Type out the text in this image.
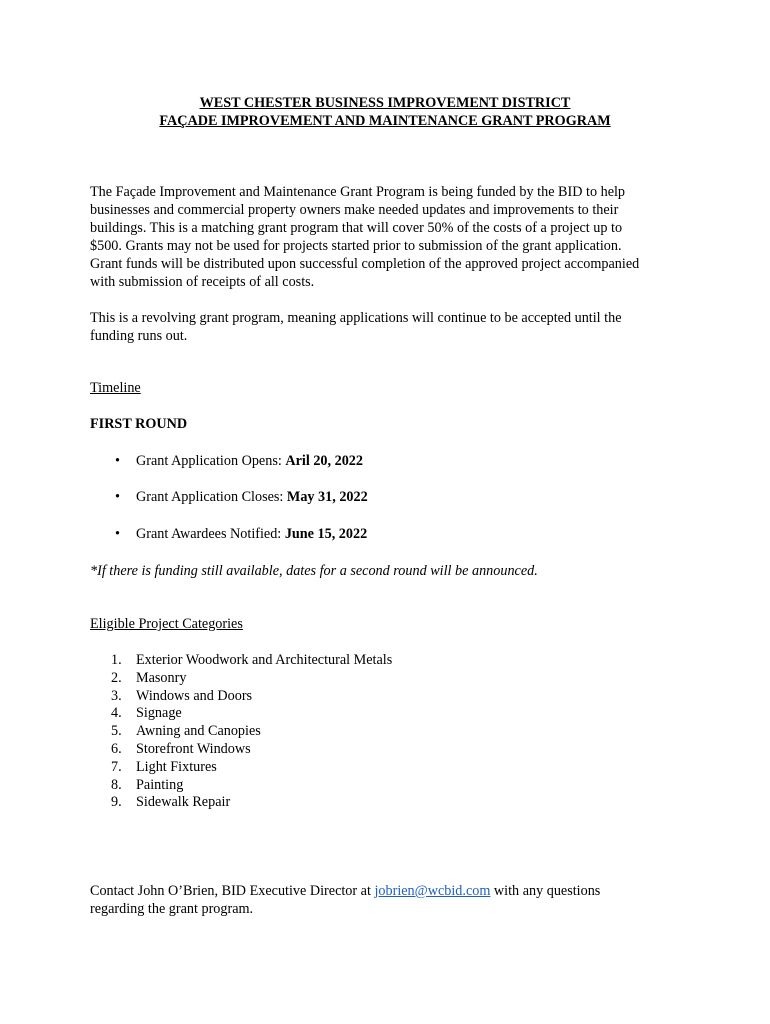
WEST CHESTER BUSINESS IMPROVEMENT DISTRICT
FAÇADE IMPROVEMENT AND MAINTENANCE GRANT PROGRAM

The Façade Improvement and Maintenance Grant Program is being funded by the BID to help

businesses and commercial property owners make needed updates and improvements to their

buildings. This is a matching grant program that will cover 50% of the costs of a project up to

$500. Grants may not be used for projects started prior to submission of the grant application.

Grant funds will be distributed upon successful completion of the approved project accompanied

with submission of receipts of all costs.

This is a revolving grant program, meaning applications will continue to be accepted until the

funding runs out.

Timeline
FIRST ROUND
• Grant Application Opens: Aril 20, 2022
• Grant Application Closes: May 31, 2022
• Grant Awardees Notified: June 15, 2022
*If there is funding still available, dates for a second round will be announced.
Eligible Project Categories
1. Exterior Woodwork and Architectural Metals
2. Masonry
3. Windows and Doors
4. Signage
5. Awning and Canopies
6. Storefront Windows
7. Light Fixtures
8. Painting
9. Sidewalk Repair

Contact John O’Brien, BID Executive Director at jobrien@wcbid.com with any questions

regarding the grant program.
